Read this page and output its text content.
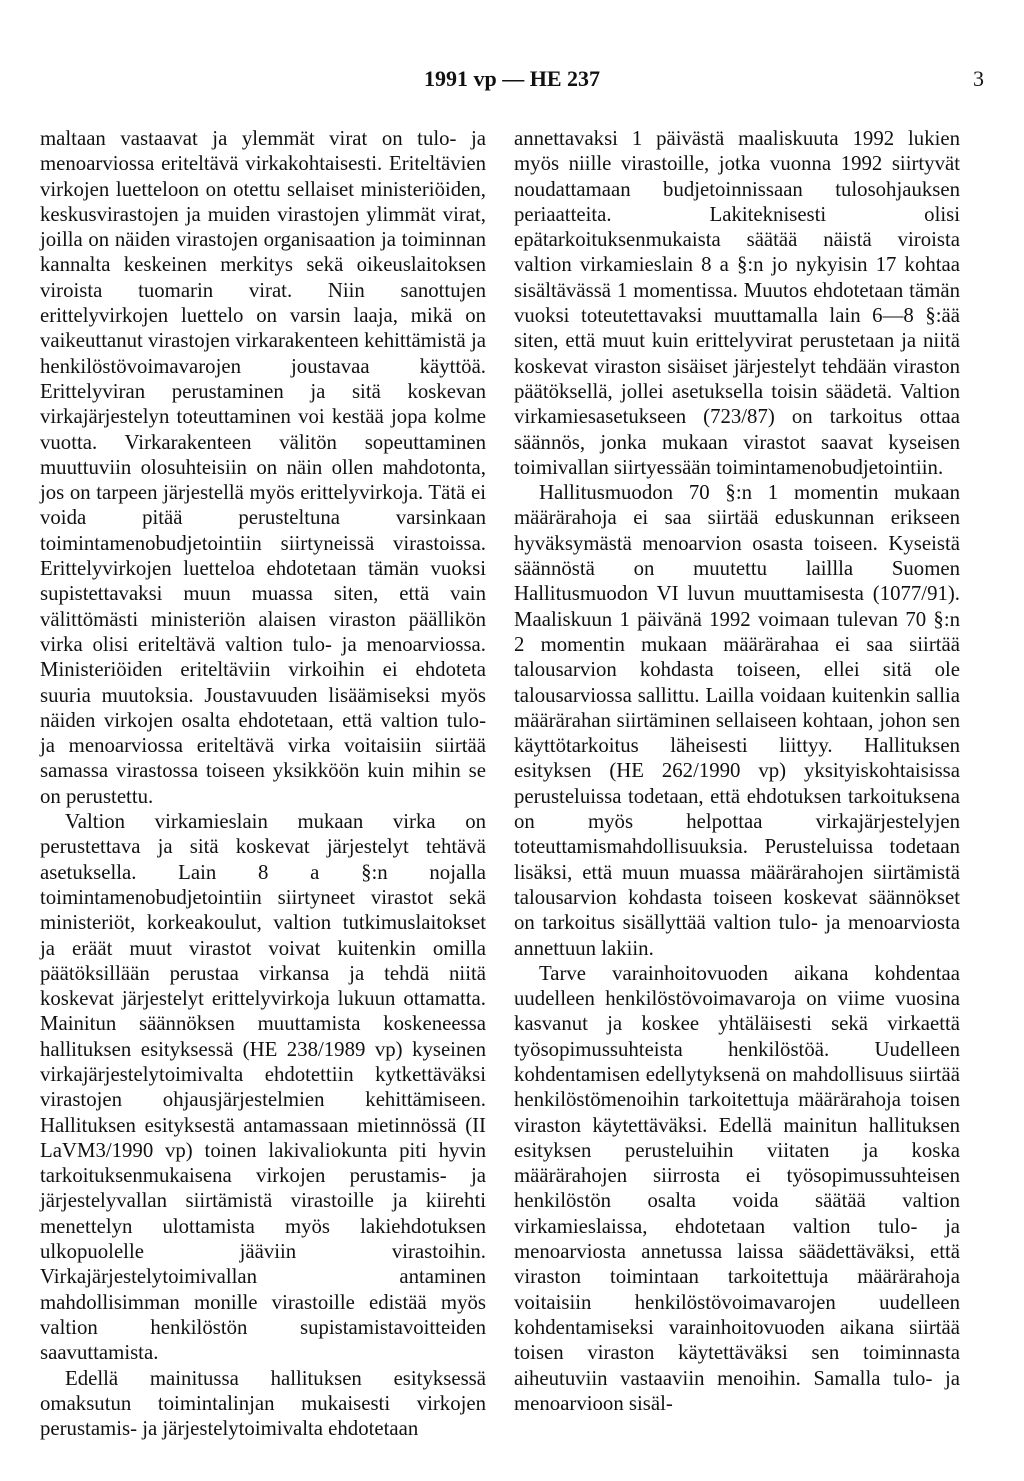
1991 vp — HE 237	3

maltaan vastaavat ja ylemmät virat on tulo- ja menoarviossa eriteltävä virkakohtaisesti. Eriteltävien virkojen luetteloon on otettu sellaiset ministeriöiden, keskusvirastojen ja muiden virastojen ylimmät virat, joilla on näiden virastojen organisaation ja toiminnan kannalta keskeinen merkitys sekä oikeuslaitoksen viroista tuomarin virat. Niin sanottujen erittelyvirkojen luettelo on varsin laaja, mikä on vaikeuttanut virastojen virkarakenteen kehittämistä ja henkilöstövoimavarojen joustavaa käyttöä. Erittelyviran perustaminen ja sitä koskevan virkajärjestelyn toteuttaminen voi kestää jopa kolme vuotta. Virkarakenteen välitön sopeuttaminen muuttuviin olosuhteisiin on näin ollen mahdotonta, jos on tarpeen järjestellä myös erittelyvirkoja. Tätä ei voida pitää perusteltuna varsinkaan toimintamenobudjetointiin siirtyneissä virastoissa. Erittelyvirkojen luetteloa ehdotetaan tämän vuoksi supistettavaksi muun muassa siten, että vain välittömästi ministeriön alaisen viraston päällikön virka olisi eriteltävä valtion tulo- ja menoarviossa. Ministeriöiden eriteltäviin virkoihin ei ehdoteta suuria muutoksia. Joustavuuden lisäämiseksi myös näiden virkojen osalta ehdotetaan, että valtion tulo- ja menoarviossa eriteltävä virka voitaisiin siirtää samassa virastossa toiseen yksikköön kuin mihin se on perustettu.

Valtion virkamieslain mukaan virka on perustettava ja sitä koskevat järjestelyt tehtävä asetuksella. Lain 8 a §:n nojalla toimintamenobudjetointiin siirtyneet virastot sekä ministeriöt, korkeakoulut, valtion tutkimuslaitokset ja eräät muut virastot voivat kuitenkin omilla päätöksillään perustaa virkansa ja tehdä niitä koskevat järjestelyt erittelyvirkoja lukuun ottamatta. Mainitun säännöksen muuttamista koskeneessa hallituksen esityksessä (HE 238/1989 vp) kyseinen virkajärjestelytoimivalta ehdotettiin kytkettäväksi virastojen ohjausjärjestelmien kehittämiseen. Hallituksen esityksestä antamassaan mietinnössä (II LaVM3/1990 vp) toinen lakivaliokunta piti hyvin tarkoituksenmukaisena virkojen perustamis- ja järjestelyvallan siirtämistä virastoille ja kiirehti menettelyn ulottamista myös lakiehdotuksen ulkopuolelle jääviin virastoihin. Virkajärjestelytoimivallan antaminen mahdollisimman monille virastoille edistää myös valtion henkilöstön supistamistavoitteiden saavuttamista.

Edellä mainitussa hallituksen esityksessä omaksutun toimintalinjan mukaisesti virkojen perustamis- ja järjestelytoimivalta ehdotetaan

annettavaksi 1 päivästä maaliskuuta 1992 lukien myös niille virastoille, jotka vuonna 1992 siirtyvät noudattamaan budjetoinnissaan tulosohjauksen periaatteita. Lakiteknisesti olisi epätarkoituksenmukaista säätää näistä viroista valtion virkamieslain 8 a §:n jo nykyisin 17 kohtaa sisältävässä 1 momentissa. Muutos ehdotetaan tämän vuoksi toteutettavaksi muuttamalla lain 6—8 §:ää siten, että muut kuin erittelyvirat perustetaan ja niitä koskevat viraston sisäiset järjestelyt tehdään viraston päätöksellä, jollei asetuksella toisin säädetä. Valtion virkamiesasetukseen (723/87) on tarkoitus ottaa säännös, jonka mukaan virastot saavat kyseisen toimivallan siirtyessään toimintamenobudjetointiin.

Hallitusmuodon 70 §:n 1 momentin mukaan määrärahoja ei saa siirtää eduskunnan erikseen hyväksymästä menoarvion osasta toiseen. Kyseistä säännöstä on muutettu laillla Suomen Hallitusmuodon VI luvun muuttamisesta (1077/91). Maaliskuun 1 päivänä 1992 voimaan tulevan 70 §:n 2 momentin mukaan määrärahaa ei saa siirtää talousarvion kohdasta toiseen, ellei sitä ole talousarviossa sallittu. Lailla voidaan kuitenkin sallia määrärahan siirtäminen sellaiseen kohtaan, johon sen käyttötarkoitus läheisesti liittyy. Hallituksen esityksen (HE 262/1990 vp) yksityiskohtaisissa perusteluissa todetaan, että ehdotuksen tarkoituksena on myös helpottaa virkajärjestelyjen toteuttamismahdollisuuksia. Perusteluissa todetaan lisäksi, että muun muassa määrärahojen siirtämistä talousarvion kohdasta toiseen koskevat säännökset on tarkoitus sisällyttää valtion tulo- ja menoarviosta annettuun lakiin.

Tarve varainhoitovuoden aikana kohdentaa uudelleen henkilöstövoimavaroja on viime vuosina kasvanut ja koskee yhtäläisesti sekä virkaettä työsopimussuhteista henkilöstöä. Uudelleen kohdentamisen edellytyksenä on mahdollisuus siirtää henkilöstömenoihin tarkoitettuja määrärahoja toisen viraston käytettäväksi. Edellä mainitun hallituksen esityksen perusteluihin viitaten ja koska määrärahojen siirrosta ei työsopimussuhteisen henkilöstön osalta voida säätää valtion virkamieslaissa, ehdotetaan valtion tulo- ja menoarviosta annetussa laissa säädettäväksi, että viraston toimintaan tarkoitettuja määrärahoja voitaisiin henkilöstövoimavarojen uudelleen kohdentamiseksi varainhoitovuoden aikana siirtää toisen viraston käytettäväksi sen toiminnasta aiheutuviin vastaaviin menoihin. Samalla tulo- ja menoarvioon sisäl-
